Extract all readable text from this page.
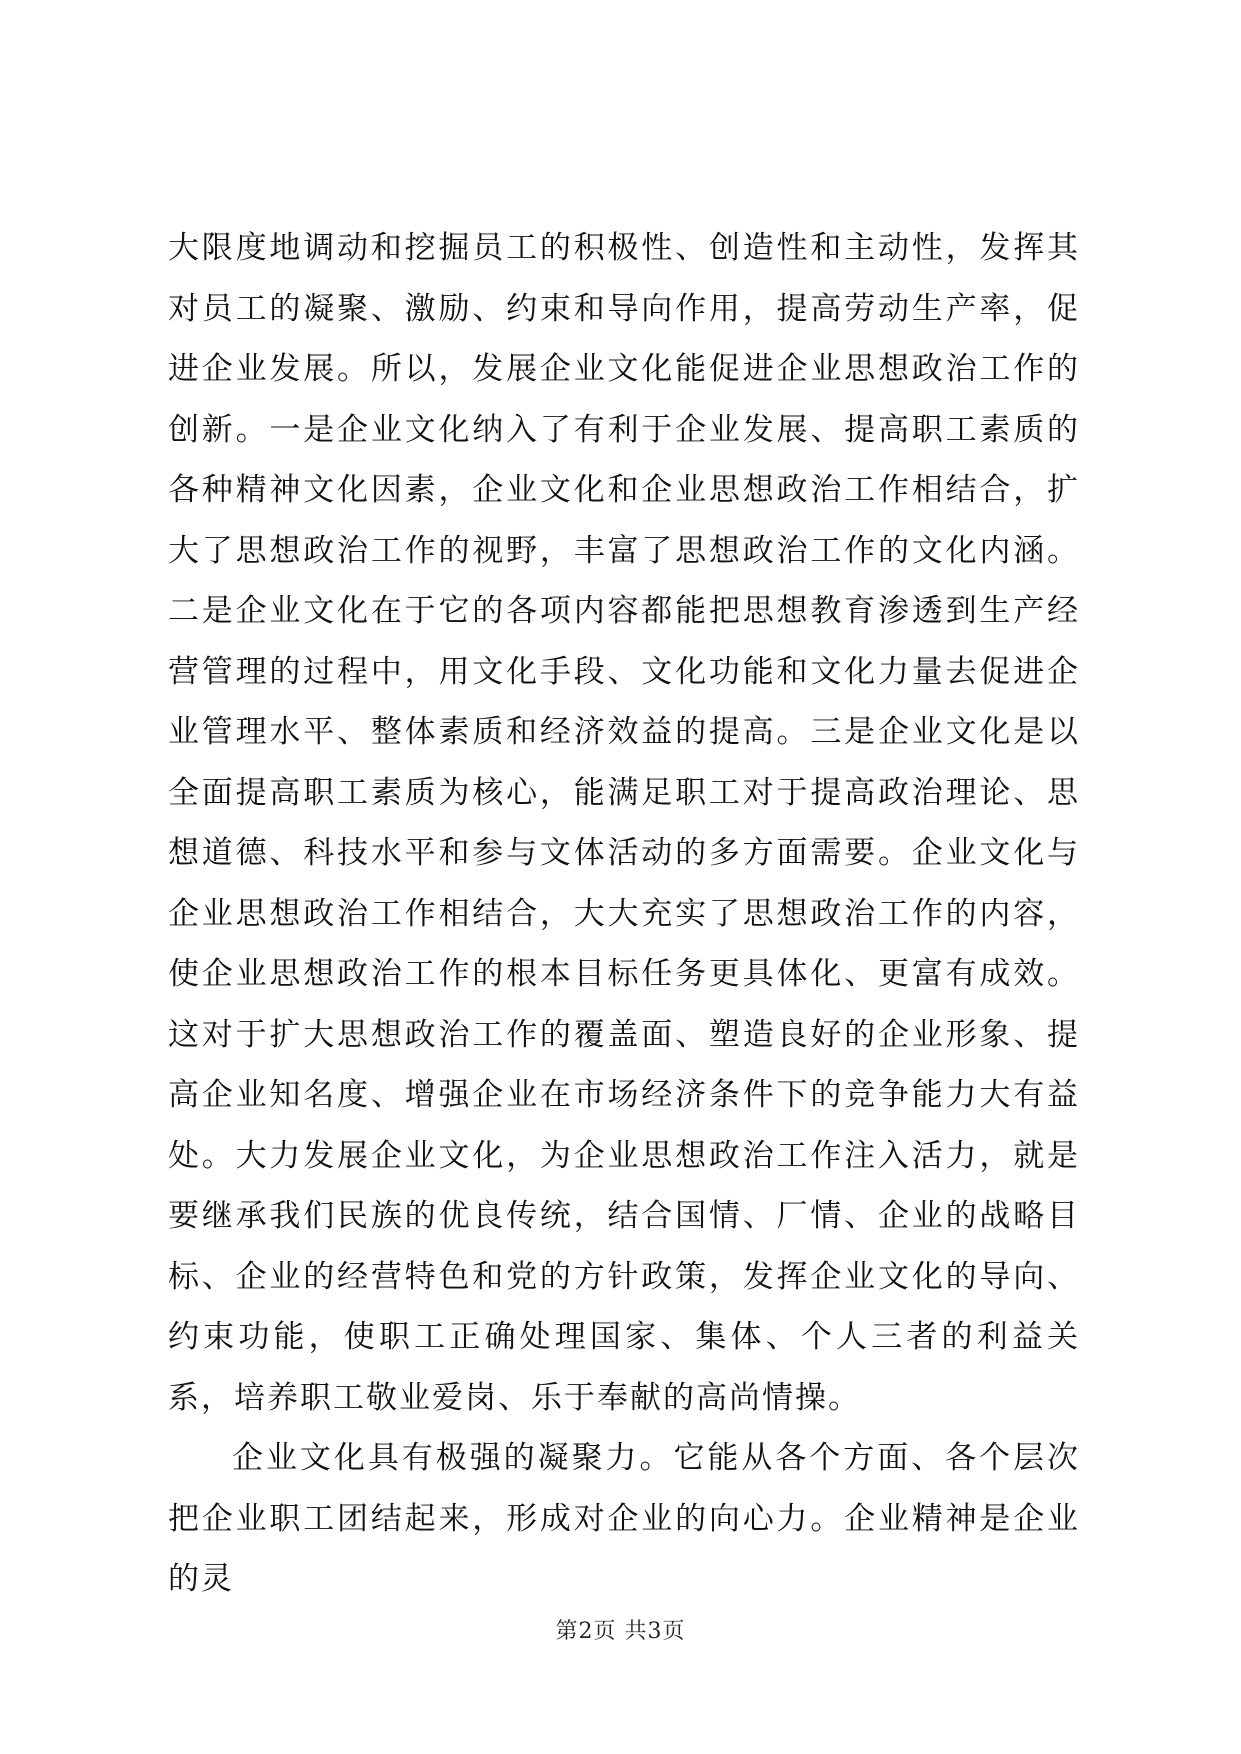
大限度地调动和挖掘员工的积极性、创造性和主动性，发挥其对员工的凝聚、激励、约束和导向作用，提高劳动生产率，促进企业发展。所以，发展企业文化能促进企业思想政治工作的创新。一是企业文化纳入了有利于企业发展、提高职工素质的各种精神文化因素，企业文化和企业思想政治工作相结合，扩大了思想政治工作的视野，丰富了思想政治工作的文化内涵。二是企业文化在于它的各项内容都能把思想教育渗透到生产经营管理的过程中，用文化手段、文化功能和文化力量去促进企业管理水平、整体素质和经济效益的提高。三是企业文化是以全面提高职工素质为核心，能满足职工对于提高政治理论、思想道德、科技水平和参与文体活动的多方面需要。企业文化与企业思想政治工作相结合，大大充实了思想政治工作的内容，使企业思想政治工作的根本目标任务更具体化、更富有成效。这对于扩大思想政治工作的覆盖面、塑造良好的企业形象、提高企业知名度、增强企业在市场经济条件下的竞争能力大有益处。大力发展企业文化，为企业思想政治工作注入活力，就是要继承我们民族的优良传统，结合国情、厂情、企业的战略目标、企业的经营特色和党的方针政策，发挥企业文化的导向、约束功能，使职工正确处理国家、集体、个人三者的利益关系，培养职工敬业爱岗、乐于奉献的高尚情操。

企业文化具有极强的凝聚力。它能从各个方面、各个层次把企业职工团结起来，形成对企业的向心力。企业精神是企业的灵

第2页 共3页
